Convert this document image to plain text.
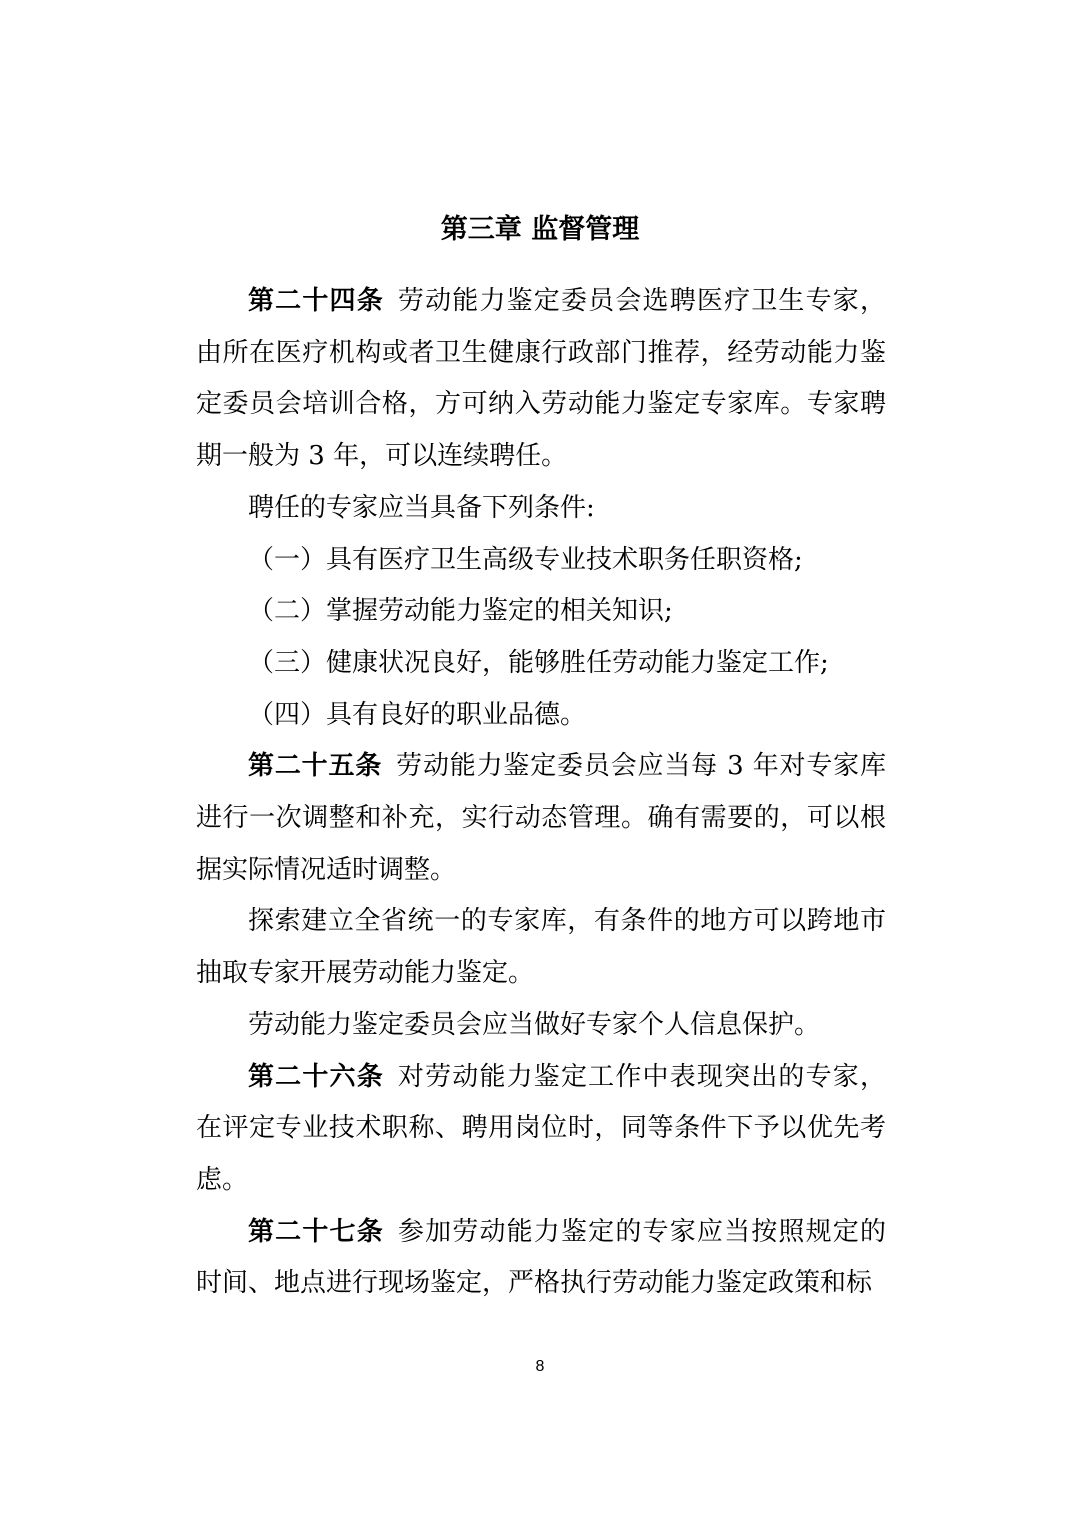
第三章 监督管理

第二十四条 劳动能力鉴定委员会选聘医疗卫生专家，由所在医疗机构或者卫生健康行政部门推荐，经劳动能力鉴定委员会培训合格，方可纳入劳动能力鉴定专家库。专家聘期一般为 3 年，可以连续聘任。

聘任的专家应当具备下列条件:

（一）具有医疗卫生高级专业技术职务任职资格;

（二）掌握劳动能力鉴定的相关知识;

（三）健康状况良好，能够胜任劳动能力鉴定工作;

（四）具有良好的职业品德。

第二十五条 劳动能力鉴定委员会应当每 3 年对专家库进行一次调整和补充，实行动态管理。确有需要的，可以根据实际情况适时调整。

探索建立全省统一的专家库，有条件的地方可以跨地市抽取专家开展劳动能力鉴定。

劳动能力鉴定委员会应当做好专家个人信息保护。

第二十六条 对劳动能力鉴定工作中表现突出的专家，在评定专业技术职称、聘用岗位时，同等条件下予以优先考虑。

第二十七条 参加劳动能力鉴定的专家应当按照规定的时间、地点进行现场鉴定，严格执行劳动能力鉴定政策和标

8
